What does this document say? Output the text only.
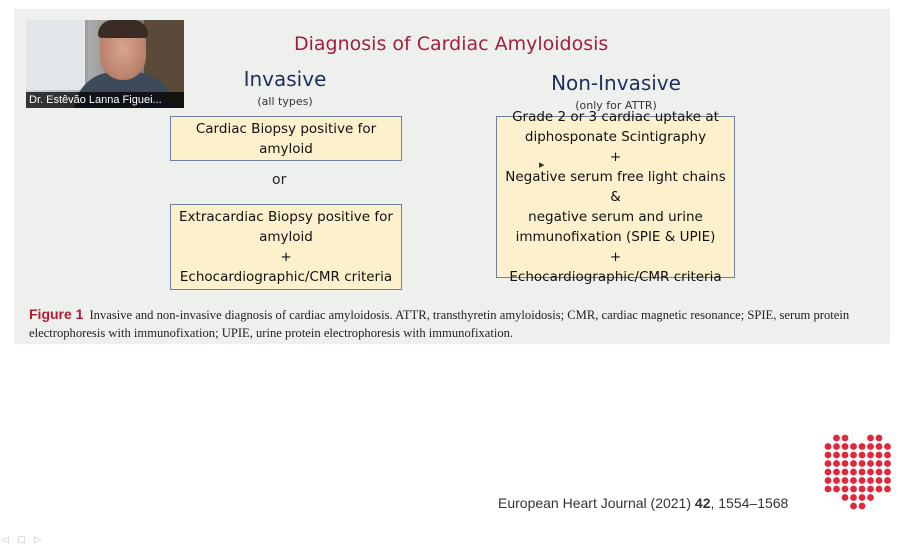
Diagnosis of Cardiac Amyloidosis
Invasive
(all types)
Non-Invasive
(only for ATTR)
Cardiac Biopsy positive for
amyloid
or
Extracardiac Biopsy positive for
amyloid
+
Echocardiographic/CMR criteria
Grade 2 or 3 cardiac uptake at
diphosponate Scintigraphy
+
Negative serum free light chains &
negative serum and urine
immunofixation (SPIE & UPIE)
+
Echocardiographic/CMR criteria
▸
Figure 1 Invasive and non-invasive diagnosis of cardiac amyloidosis. ATTR, transthyretin amyloidosis; CMR, cardiac magnetic resonance; SPIE, serum protein electrophoresis with immunofixation; UPIE, urine protein electrophoresis with immunofixation.
Dr. Estêvão Lanna Figuei...
European Heart Journal (2021) 42, 1554–1568
◁ ▢ ▷
